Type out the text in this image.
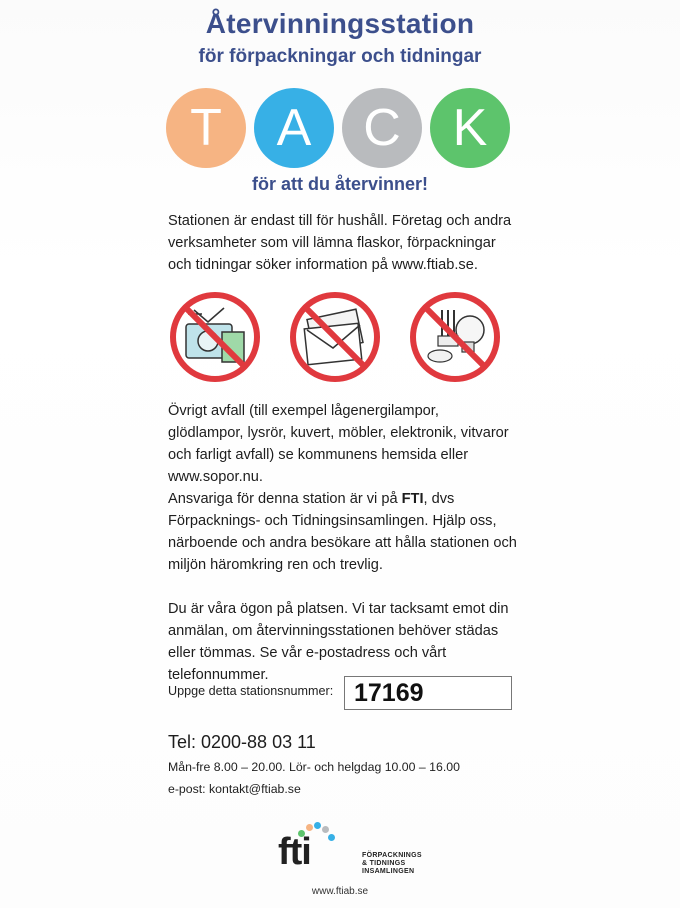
Återvinningsstation
för förpackningar och tidningar
T	A C K
för att du återvinner!
Stationen är endast till för hushåll. Företag och andra verksamheter som vill lämna flaskor, förpackningar och tidningar söker information på www.ftiab.se.
Övrigt avfall (till exempel lågenergilampor, glödlampor, lysrör, kuvert, möbler, elektronik, vitvaror och farligt avfall) se kommunens hemsida eller www.sopor.nu.
Ansvariga för denna station är vi på FTI, dvs Förpacknings- och Tidningsinsamlingen. Hjälp oss, närboende och andra besökare att hålla stationen och miljön häromkring ren och trevlig.
Du är våra ögon på platsen. Vi tar tacksamt emot din anmälan, om återvinningsstationen behöver städas eller tömmas. Se vår e-postadress och vårt telefonnummer.
Uppge detta stationsnummer: 17169
Tel: 0200-88 03 11
Mån-fre 8.00 – 20.00. Lör- och helgdag 10.00 – 16.00
e-post: kontakt@ftiab.se
fti	FÖRPACKNINGS
& TIDNINGS
INSAMLINGEN
www.ftiab.se
